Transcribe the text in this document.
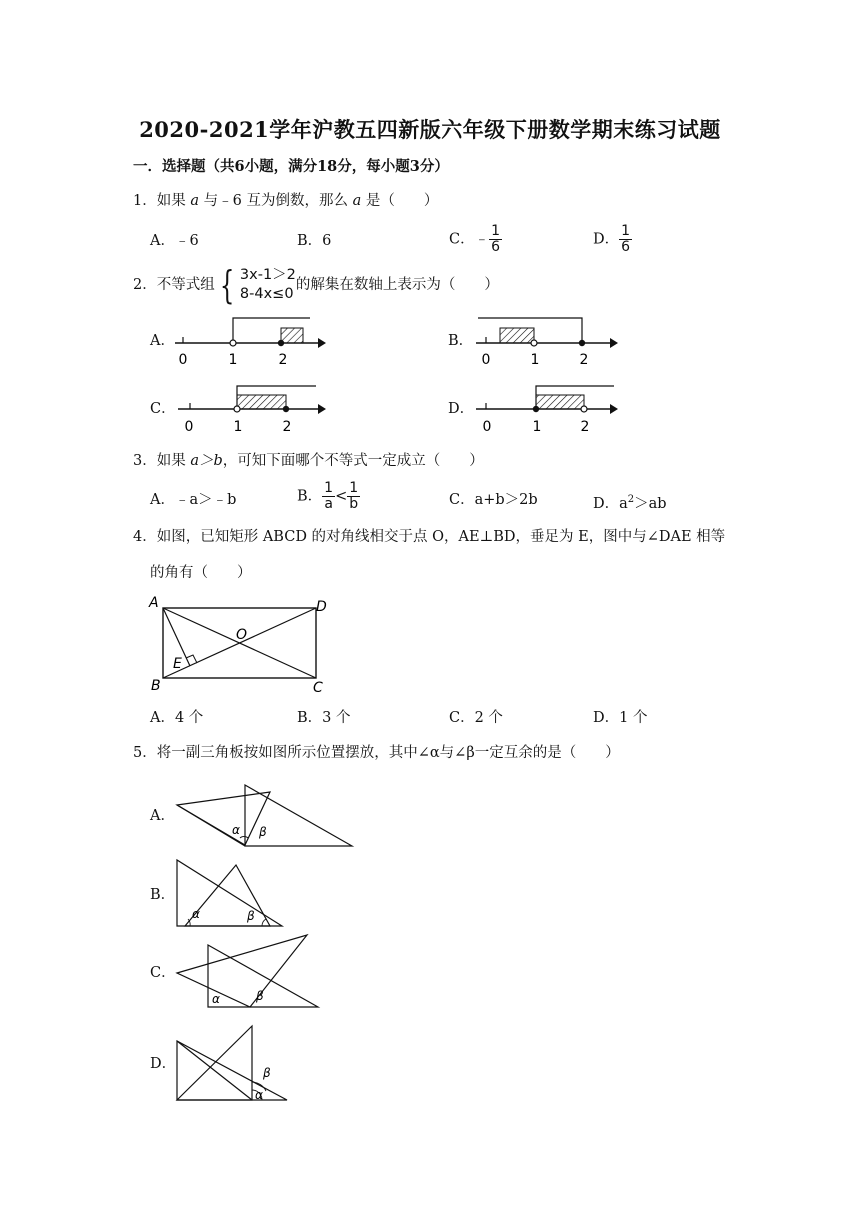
2020-2021学年沪教五四新版六年级下册数学期末练习试题
一．选择题（共6小题，满分18分，每小题3分）
1．如果 a 与﹣6 互为倒数，那么 a 是（　　）
A．﹣6	B．6	C．﹣ $\frac{1}{6}$	D． $\frac{1}{6}$
2．不等式组 { 3x-1＞2
8-4x≤0
的解集在数轴上表示为（　　）
A．	B．
C．	D．
0	1	2	0	1	2
0	1	2	0	1	2
3．如果 a＞b，可知下面哪个不等式一定成立（　　）
A．﹣a＞﹣b	B． $\frac{1}{a} < \frac{1}{b}$	C．a+b＞2b	D．$a^2>ab$
4．如图，已知矩形 ABCD 的对角线相交于点 O，AE⊥BD，垂足为 E，图中与∠DAE 相等
的角有（　　）
A	D
O
E
B	C
A．4 个	B．3 个	C．2 个	D．1 个
5．将一副三角板按如图所示位置摆放，其中∠α与∠β一定互余的是（　　）
A．
B．
C．
D．
α β
α	β
α	β
α
β
